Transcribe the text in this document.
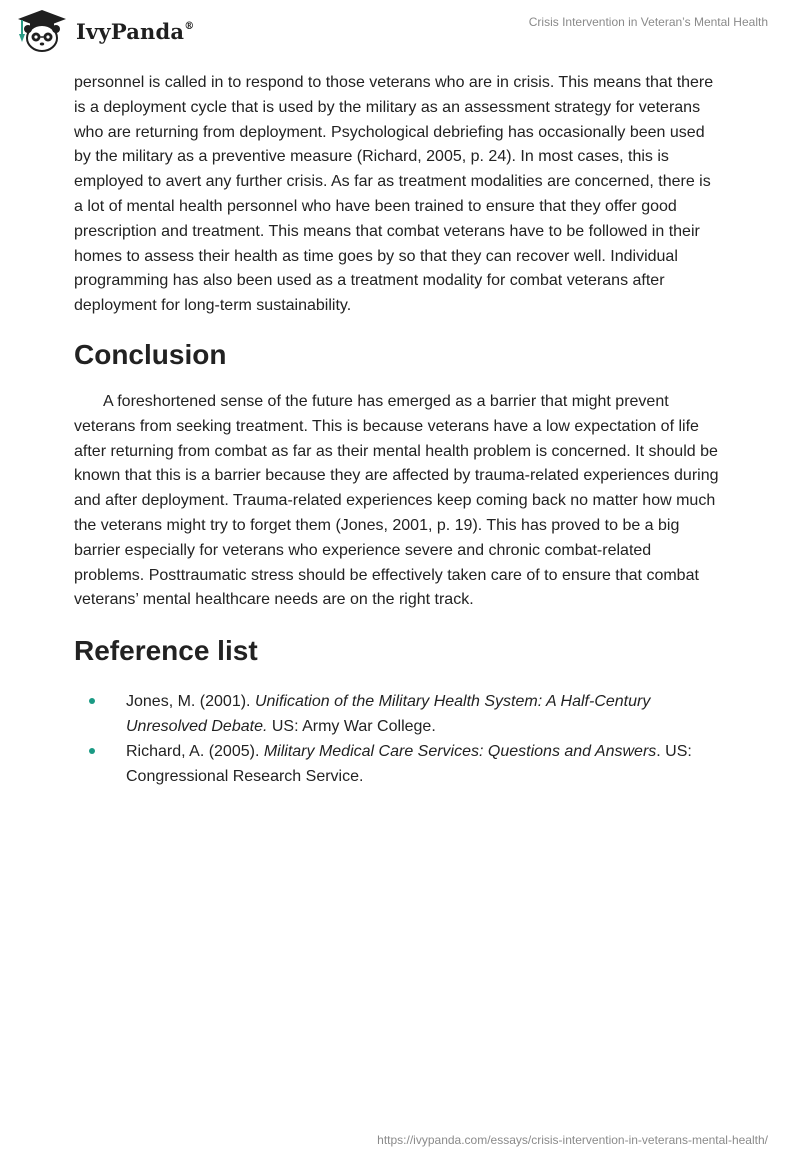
IvyPanda®	Crisis Intervention in Veteran’s Mental Health

personnel is called in to respond to those veterans who are in crisis. This means that there is a deployment cycle that is used by the military as an assessment strategy for veterans who are returning from deployment. Psychological debriefing has occasionally been used by the military as a preventive measure (Richard, 2005, p. 24). In most cases, this is employed to avert any further crisis. As far as treatment modalities are concerned, there is a lot of mental health personnel who have been trained to ensure that they offer good prescription and treatment. This means that combat veterans have to be followed in their homes to assess their health as time goes by so that they can recover well. Individual programming has also been used as a treatment modality for combat veterans after deployment for long-term sustainability.

Conclusion

A foreshortened sense of the future has emerged as a barrier that might prevent veterans from seeking treatment. This is because veterans have a low expectation of life after returning from combat as far as their mental health problem is concerned. It should be known that this is a barrier because they are affected by trauma-related experiences during and after deployment. Trauma-related experiences keep coming back no matter how much the veterans might try to forget them (Jones, 2001, p. 19). This has proved to be a big barrier especially for veterans who experience severe and chronic combat-related problems. Posttraumatic stress should be effectively taken care of to ensure that combat veterans’ mental healthcare needs are on the right track.

Reference list
Jones, M. (2001). Unification of the Military Health System: A Half-Century Unresolved Debate. US: Army War College.
Richard, A. (2005). Military Medical Care Services: Questions and Answers. US: Congressional Research Service.
https://ivypanda.com/essays/crisis-intervention-in-veterans-mental-health/
